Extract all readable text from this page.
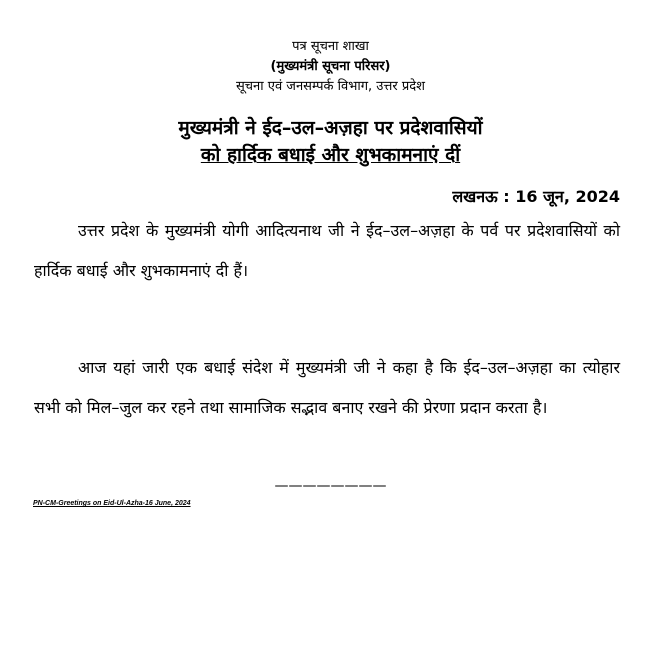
पत्र सूचना शाखा
(मुख्यमंत्री सूचना परिसर)
सूचना एवं जनसम्पर्क विभाग, उत्तर प्रदेश
मुख्यमंत्री ने ईद–उल–अज़हा पर प्रदेशवासियों
को हार्दिक बधाई और शुभकामनाएं दीं
लखनऊ : 16 जून, 2024

उत्तर प्रदेश के मुख्यमंत्री योगी आदित्यनाथ जी ने ईद–उल–अज़हा के पर्व पर प्रदेशवासियों को हार्दिक बधाई और शुभकामनाएं दी हैं।

आज यहां जारी एक बधाई संदेश में मुख्यमंत्री जी ने कहा है कि ईद–उल–अज़हा का त्योहार सभी को मिल–जुल कर रहने तथा सामाजिक सद्भाव बनाए रखने की प्रेरणा प्रदान करता है।

————————
PN-CM-Greetings on Eid-Ul-Azha-16 June, 2024
